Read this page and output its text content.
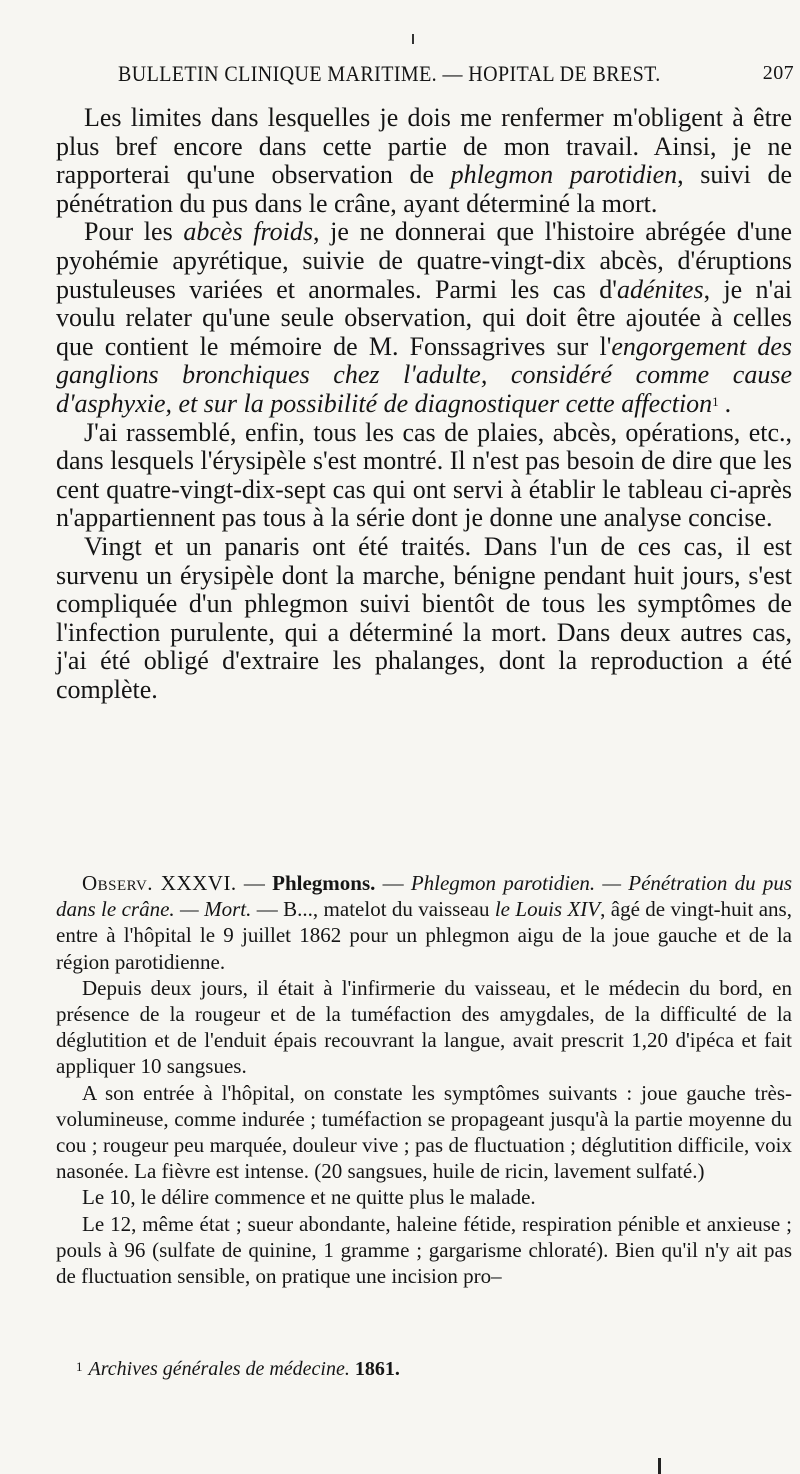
BULLETIN CLINIQUE MARITIME. — HOPITAL DE BREST.	207

Les limites dans lesquelles je dois me renfermer m'obligent à être plus bref encore dans cette partie de mon travail. Ainsi, je ne rapporterai qu'une observation de phlegmon parotidien, suivi de pénétration du pus dans le crâne, ayant déterminé la mort.

Pour les abcès froids, je ne donnerai que l'histoire abrégée d'une pyohémie apyrétique, suivie de quatre-vingt-dix abcès, d'éruptions pustuleuses variées et anormales. Parmi les cas d'adénites, je n'ai voulu relater qu'une seule observation, qui doit être ajoutée à celles que contient le mémoire de M. Fonssagrives sur l'engorgement des ganglions bronchiques chez l'adulte, considéré comme cause d'asphyxie, et sur la possibilité de diagnostiquer cette affection$^1$ .

J'ai rassemblé, enfin, tous les cas de plaies, abcès, opérations, etc., dans lesquels l'érysipèle s'est montré. Il n'est pas besoin de dire que les cent quatre-vingt-dix-sept cas qui ont servi à établir le tableau ci-après n'appartiennent pas tous à la série dont je donne une analyse concise.

Vingt et un panaris ont été traités. Dans l'un de ces cas, il est survenu un érysipèle dont la marche, bénigne pendant huit jours, s'est compliquée d'un phlegmon suivi bientôt de tous les symptômes de l'infection purulente, qui a déterminé la mort. Dans deux autres cas, j'ai été obligé d'extraire les phalanges, dont la reproduction a été complète.

Observ. XXXVI. — Phlegmons. — Phlegmon parotidien. — Pénétration du pus dans le crâne. — Mort. — B..., matelot du vaisseau le Louis XIV, âgé de vingt-huit ans, entre à l'hôpital le 9 juillet 1862 pour un phlegmon aigu de la joue gauche et de la région parotidienne.

Depuis deux jours, il était à l'infirmerie du vaisseau, et le médecin du bord, en présence de la rougeur et de la tuméfaction des amygdales, de la difficulté de la déglutition et de l'enduit épais recouvrant la langue, avait prescrit 1,20 d'ipéca et fait appliquer 10 sangsues.

A son entrée à l'hôpital, on constate les symptômes suivants : joue gauche très-volumineuse, comme indurée ; tuméfaction se propageant jusqu'à la partie moyenne du cou ; rougeur peu marquée, douleur vive ; pas de fluctuation ; déglutition difficile, voix nasonée. La fièvre est intense. (20 sangsues, huile de ricin, lavement sulfaté.)

Le 10, le délire commence et ne quitte plus le malade.

Le 12, même état ; sueur abondante, haleine fétide, respiration pénible et anxieuse ; pouls à 96 (sulfate de quinine, 1 gramme ; gargarisme chloraté). Bien qu'il n'y ait pas de fluctuation sensible, on pratique une incision pro–

$^1$ Archives générales de médecine. 1861.
